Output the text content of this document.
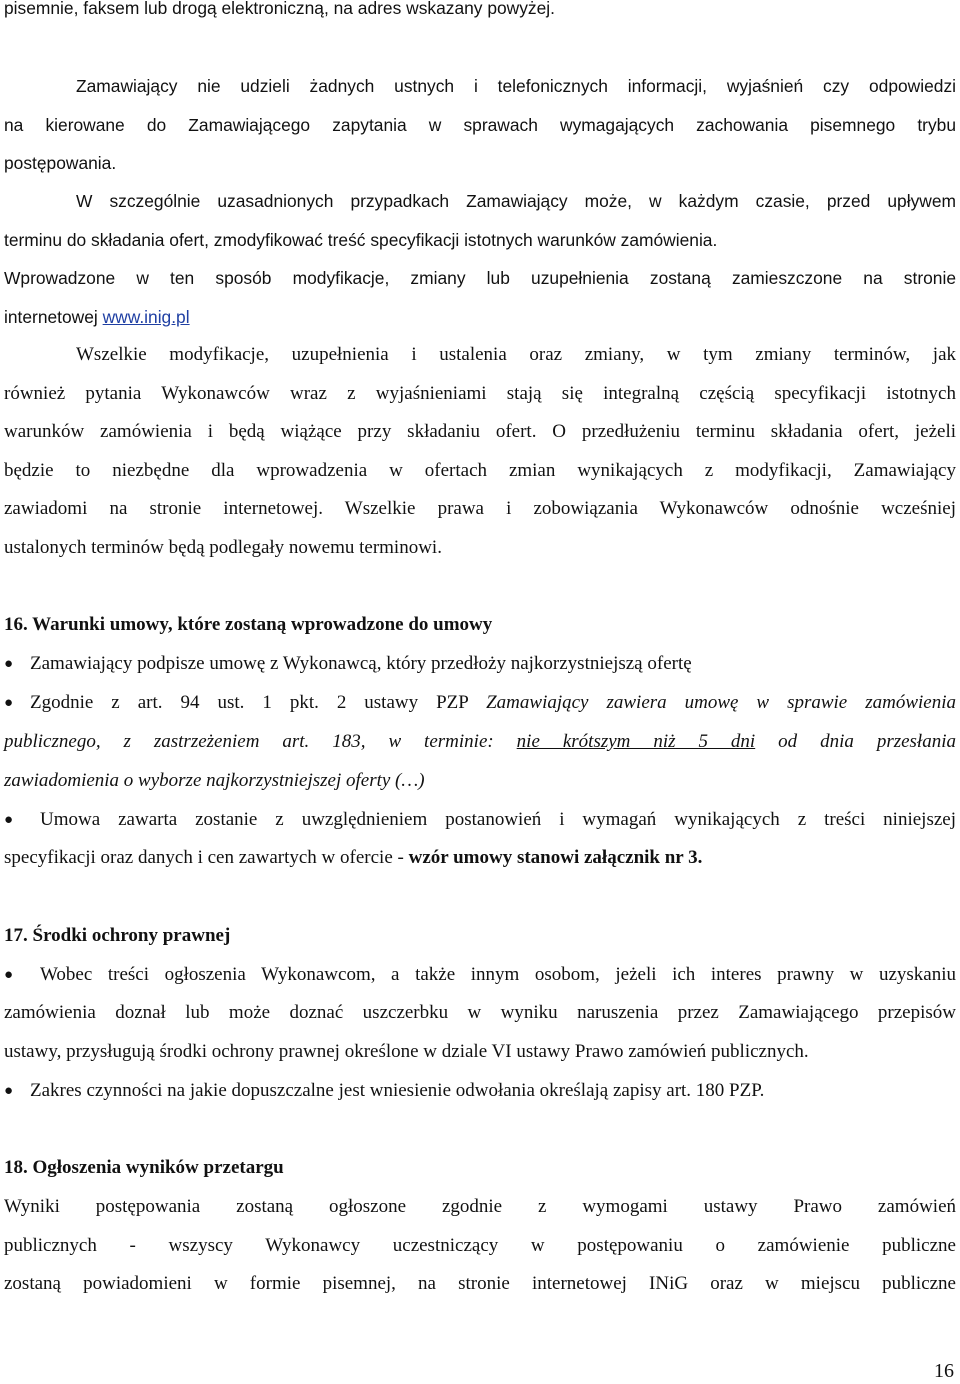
pisemnie, faksem lub drogą elektroniczną, na adres wskazany powyżej.
Zamawiający nie udzieli żadnych ustnych i telefonicznych informacji, wyjaśnień czy odpowiedzi
na kierowane do Zamawiającego zapytania w sprawach wymagających zachowania pisemnego trybu
postępowania.
W szczególnie uzasadnionych przypadkach Zamawiający może, w każdym czasie, przed upływem
terminu do składania ofert, zmodyfikować treść specyfikacji istotnych warunków zamówienia.
Wprowadzone w ten sposób modyfikacje, zmiany lub uzupełnienia zostaną zamieszczone na stronie
internetowej www.inig.pl
Wszelkie modyfikacje, uzupełnienia i ustalenia oraz zmiany, w tym zmiany terminów, jak
również pytania Wykonawców wraz z wyjaśnieniami stają się integralną częścią specyfikacji istotnych
warunków zamówienia i będą wiążące przy składaniu ofert. O przedłużeniu terminu składania ofert, jeżeli
będzie to niezbędne dla wprowadzenia w ofertach zmian wynikających z modyfikacji, Zamawiający
zawiadomi na stronie internetowej. Wszelkie prawa i zobowiązania Wykonawców odnośnie wcześniej
ustalonych terminów będą podlegały nowemu terminowi.
16. Warunki umowy, które zostaną wprowadzone do umowy
● Zamawiający podpisze umowę z Wykonawcą, który przedłoży najkorzystniejszą ofertę
● Zgodnie z art. 94 ust. 1 pkt. 2 ustawy PZP Zamawiający zawiera umowę w sprawie zamówienia
publicznego, z zastrzeżeniem art. 183, w terminie: nie krótszym niż 5 dni od dnia przesłania
zawiadomienia o wyborze najkorzystniejszej oferty (…)
● Umowa zawarta zostanie z uwzględnieniem postanowień i wymagań wynikających z treści niniejszej
specyfikacji oraz danych i cen zawartych w ofercie - wzór umowy stanowi załącznik nr 3.
17. Środki ochrony prawnej
● Wobec treści ogłoszenia Wykonawcom, a także innym osobom, jeżeli ich interes prawny w uzyskaniu
zamówienia doznał lub może doznać uszczerbku w wyniku naruszenia przez Zamawiającego przepisów
ustawy, przysługują środki ochrony prawnej określone w dziale VI ustawy Prawo zamówień publicznych.
● Zakres czynności na jakie dopuszczalne jest wniesienie odwołania określają zapisy art. 180 PZP.
18. Ogłoszenia wyników przetargu
Wyniki postępowania zostaną ogłoszone zgodnie z wymogami ustawy Prawo zamówień
publicznych - wszyscy Wykonawcy uczestniczący w postępowaniu o zamówienie publiczne
zostaną powiadomieni w formie pisemnej, na stronie internetowej INiG oraz w miejscu publiczne
16
